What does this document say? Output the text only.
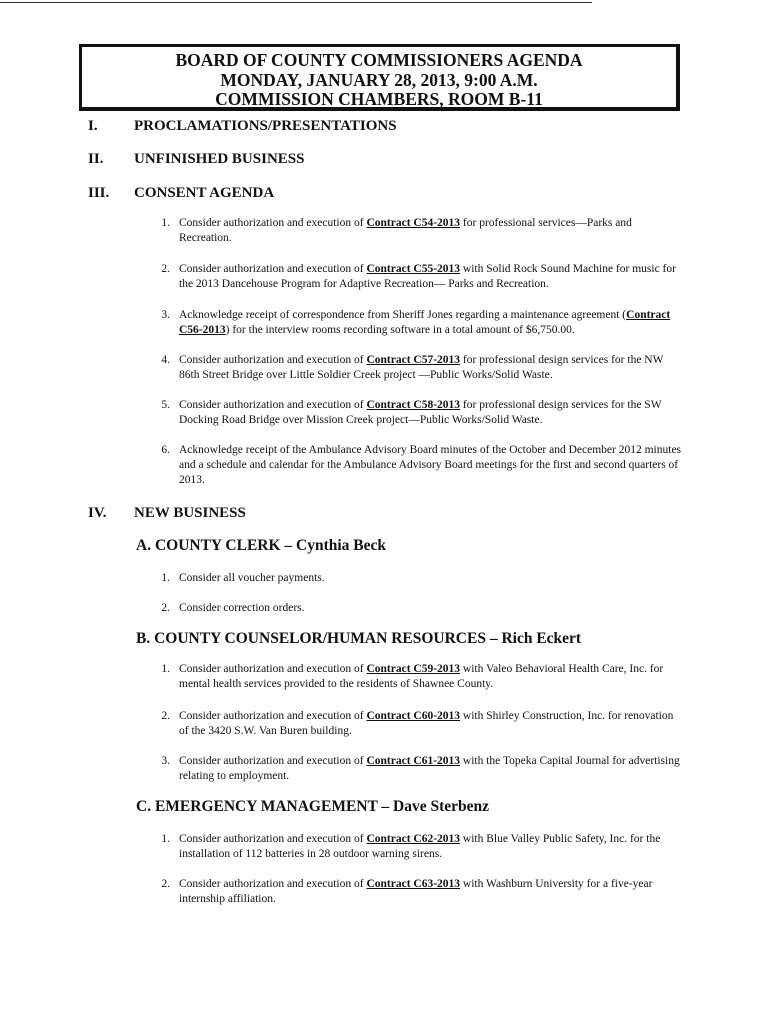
BOARD OF COUNTY COMMISSIONERS AGENDA
MONDAY, JANUARY 28, 2013, 9:00 A.M.
COMMISSION CHAMBERS, ROOM B-11
I. PROCLAMATIONS/PRESENTATIONS
II. UNFINISHED BUSINESS
III. CONSENT AGENDA
1. Consider authorization and execution of Contract C54-2013 for professional services—Parks and Recreation.
2. Consider authorization and execution of Contract C55-2013 with Solid Rock Sound Machine for music for the 2013 Dancehouse Program for Adaptive Recreation— Parks and Recreation.
3. Acknowledge receipt of correspondence from Sheriff Jones regarding a maintenance agreement (Contract C56-2013) for the interview rooms recording software in a total amount of $6,750.00.
4. Consider authorization and execution of Contract C57-2013 for professional design services for the NW 86th Street Bridge over Little Soldier Creek project —Public Works/Solid Waste.
5. Consider authorization and execution of Contract C58-2013 for professional design services for the SW Docking Road Bridge over Mission Creek project—Public Works/Solid Waste.
6. Acknowledge receipt of the Ambulance Advisory Board minutes of the October and December 2012 minutes and a schedule and calendar for the Ambulance Advisory Board meetings for the first and second quarters of 2013.
IV. NEW BUSINESS
A. COUNTY CLERK – Cynthia Beck
1. Consider all voucher payments.
2. Consider correction orders.
B. COUNTY COUNSELOR/HUMAN RESOURCES – Rich Eckert
1. Consider authorization and execution of Contract C59-2013 with Valeo Behavioral Health Care, Inc. for mental health services provided to the residents of Shawnee County.
2. Consider authorization and execution of Contract C60-2013 with Shirley Construction, Inc. for renovation of the 3420 S.W. Van Buren building.
3. Consider authorization and execution of Contract C61-2013 with the Topeka Capital Journal for advertising relating to employment.
C. EMERGENCY MANAGEMENT – Dave Sterbenz
1. Consider authorization and execution of Contract C62-2013 with Blue Valley Public Safety, Inc. for the installation of 112 batteries in 28 outdoor warning sirens.
2. Consider authorization and execution of Contract C63-2013 with Washburn University for a five-year internship affiliation.
